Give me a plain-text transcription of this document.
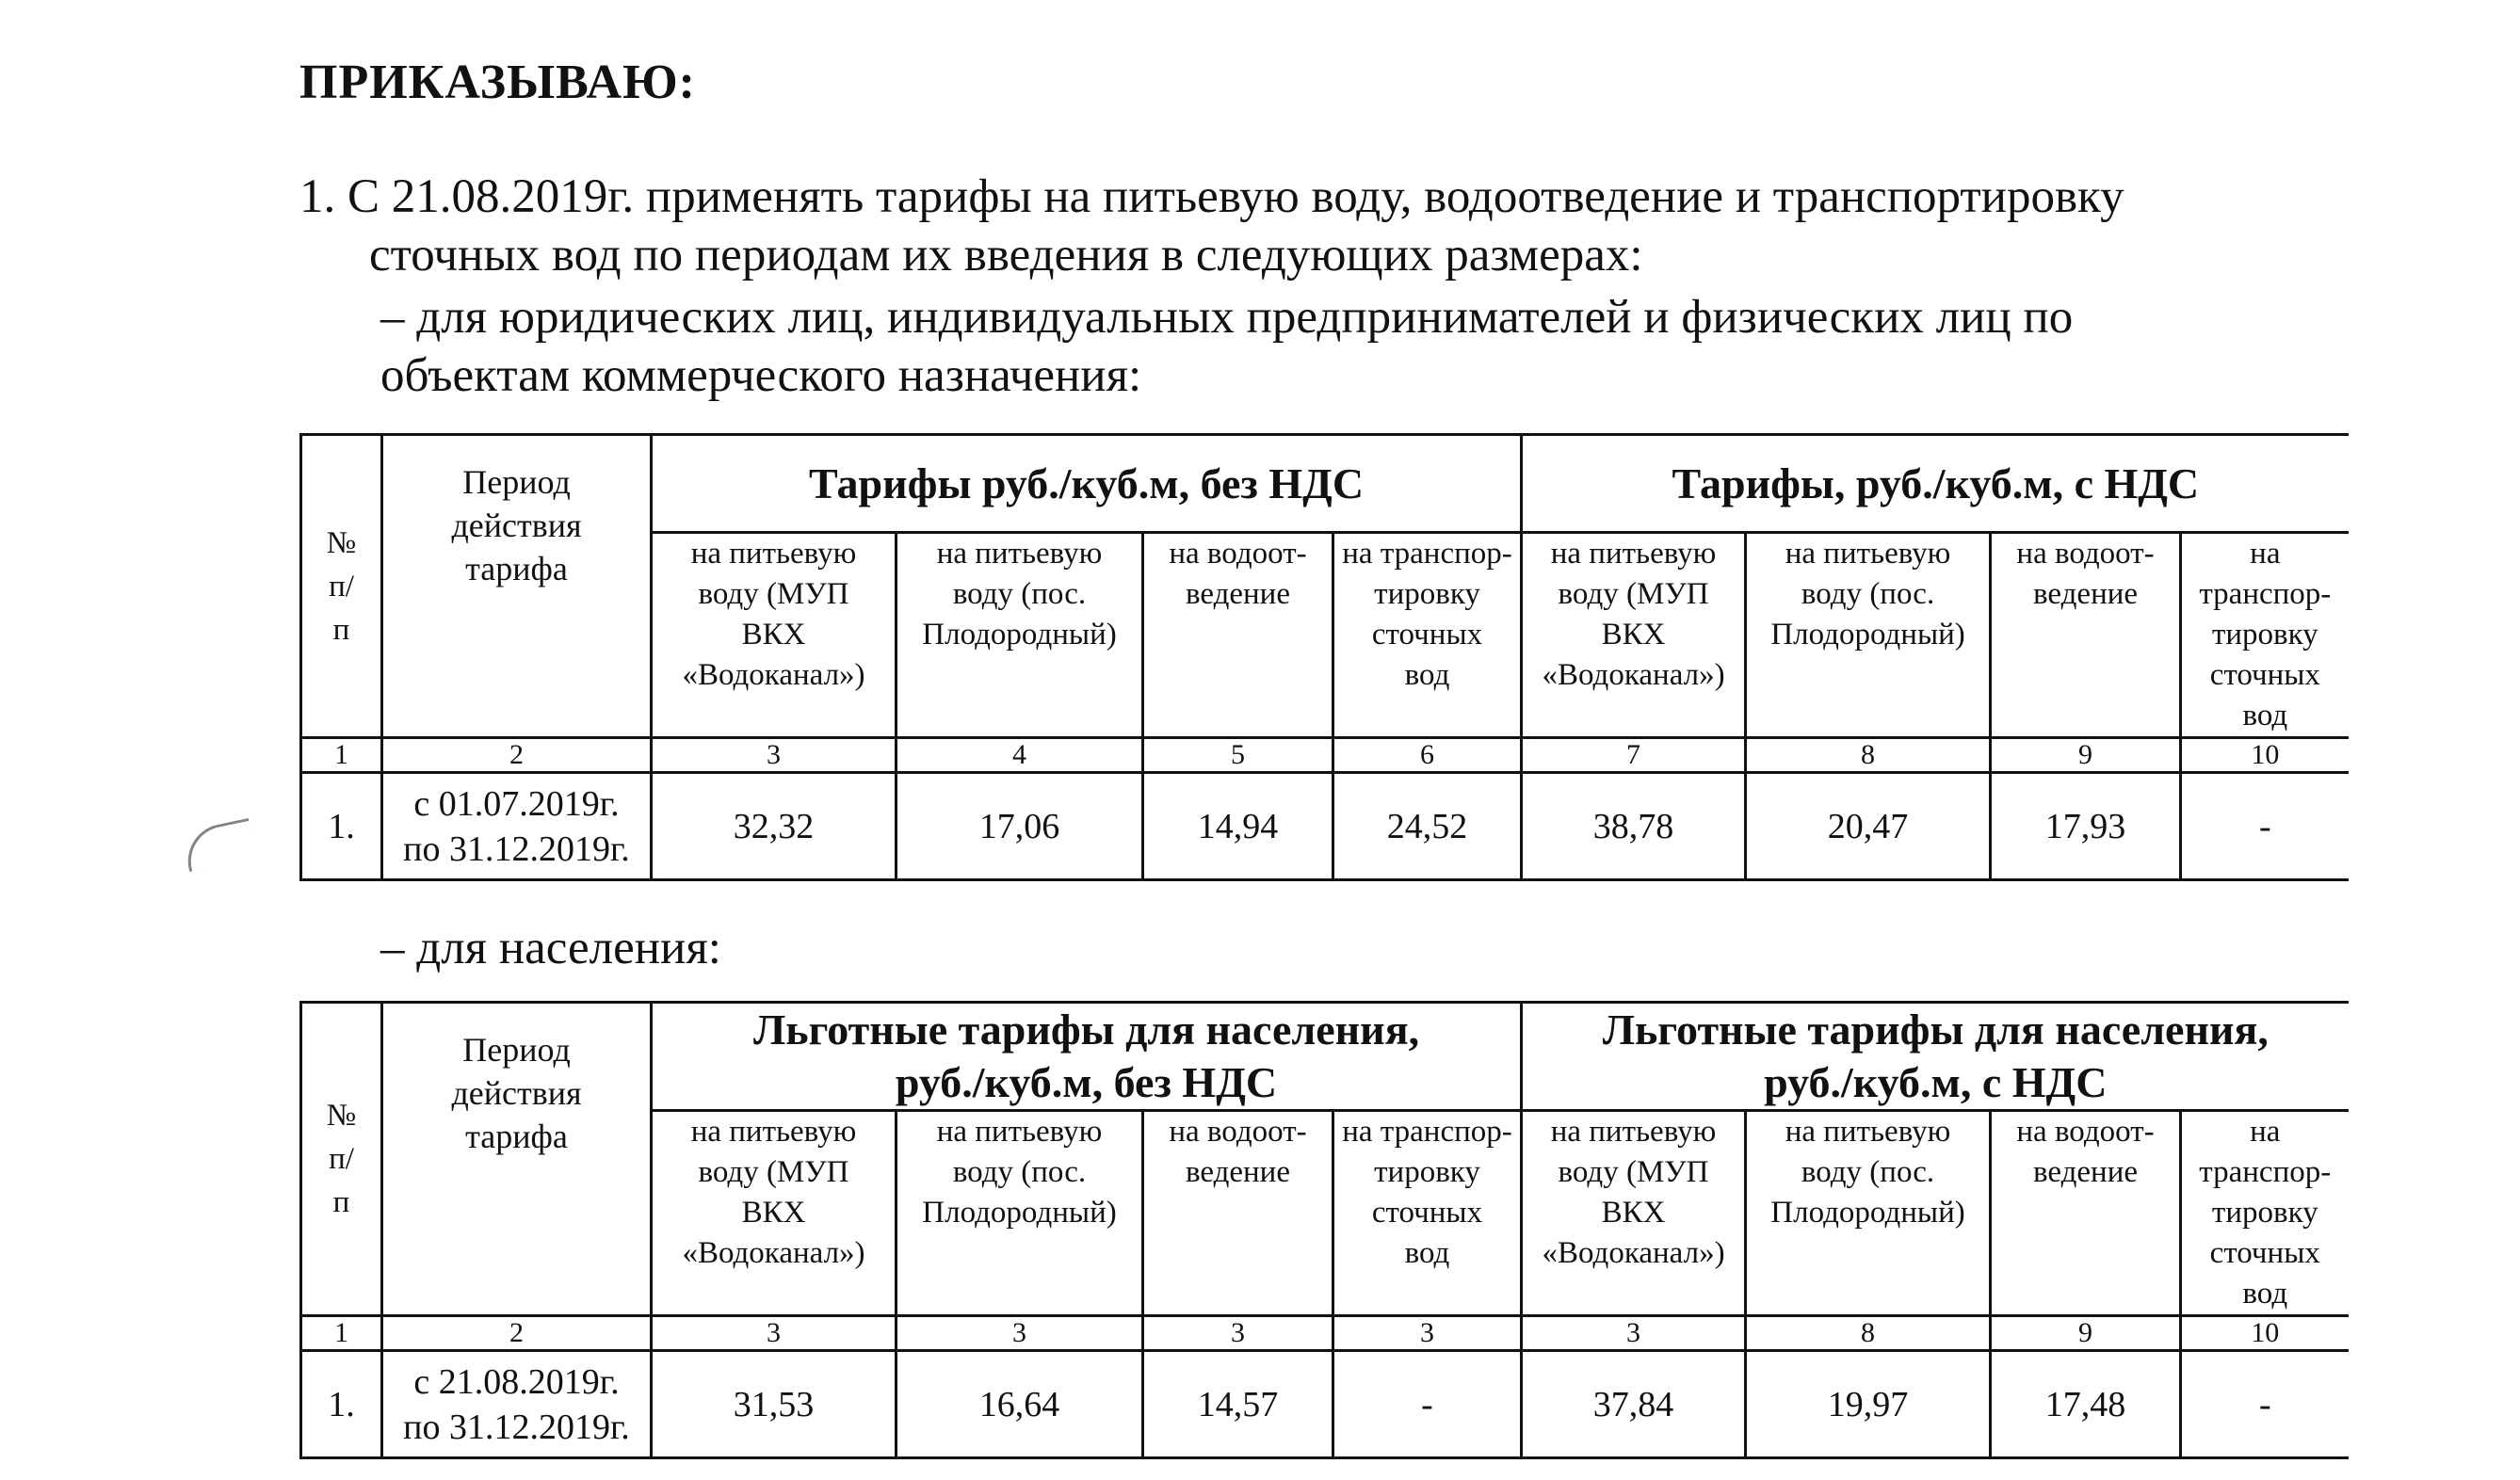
ПРИКАЗЫВАЮ:
1. С 21.08.2019г. применять тарифы на питьевую воду, водоотведение и транспортировку
сточных вод по периодам их введения в следующих размерах:
– для юридических лиц, индивидуальных предпринимателей и физических лиц по
объектам коммерческого назначения:
№
п/
п	Период
действия
тарифа	Тарифы руб./куб.м, без НДС				Тарифы, руб./куб.м, с НДС			
		на питьевую
воду (МУП
ВКХ
«Водоканал»)	на питьевую
воду (пос.
Плодородный)	на водоот-
ведение	на транспор-
тировку
сточных
вод	на питьевую
воду (МУП
ВКХ
«Водоканал»)	на питьевую
воду (пос.
Плодородный)	на водоот-
ведение	на
транспор-
тировку
сточных
вод
1	2	3	4	5	6	7	8	9	10
1.	с 01.07.2019г.
по 31.12.2019г.	32,32	17,06	14,94	24,52	38,78	20,47	17,93	-
– для населения:
№
п/
п	Период
действия
тарифа	Льготные тарифы для населения,
руб./куб.м, без НДС				Льготные тарифы для населения,
руб./куб.м, с НДС			
		на питьевую
воду (МУП
ВКХ
«Водоканал»)	на питьевую
воду (пос.
Плодородный)	на водоот-
ведение	на транспор-
тировку
сточных
вод	на питьевую
воду (МУП
ВКХ
«Водоканал»)	на питьевую
воду (пос.
Плодородный)	на водоот-
ведение	на
транспор-
тировку
сточных
вод
1	2	3	3	3	3	3	8	9	10
1.	с 21.08.2019г.
по 31.12.2019г.	31,53	16,64	14,57	-	37,84	19,97	17,48	-
